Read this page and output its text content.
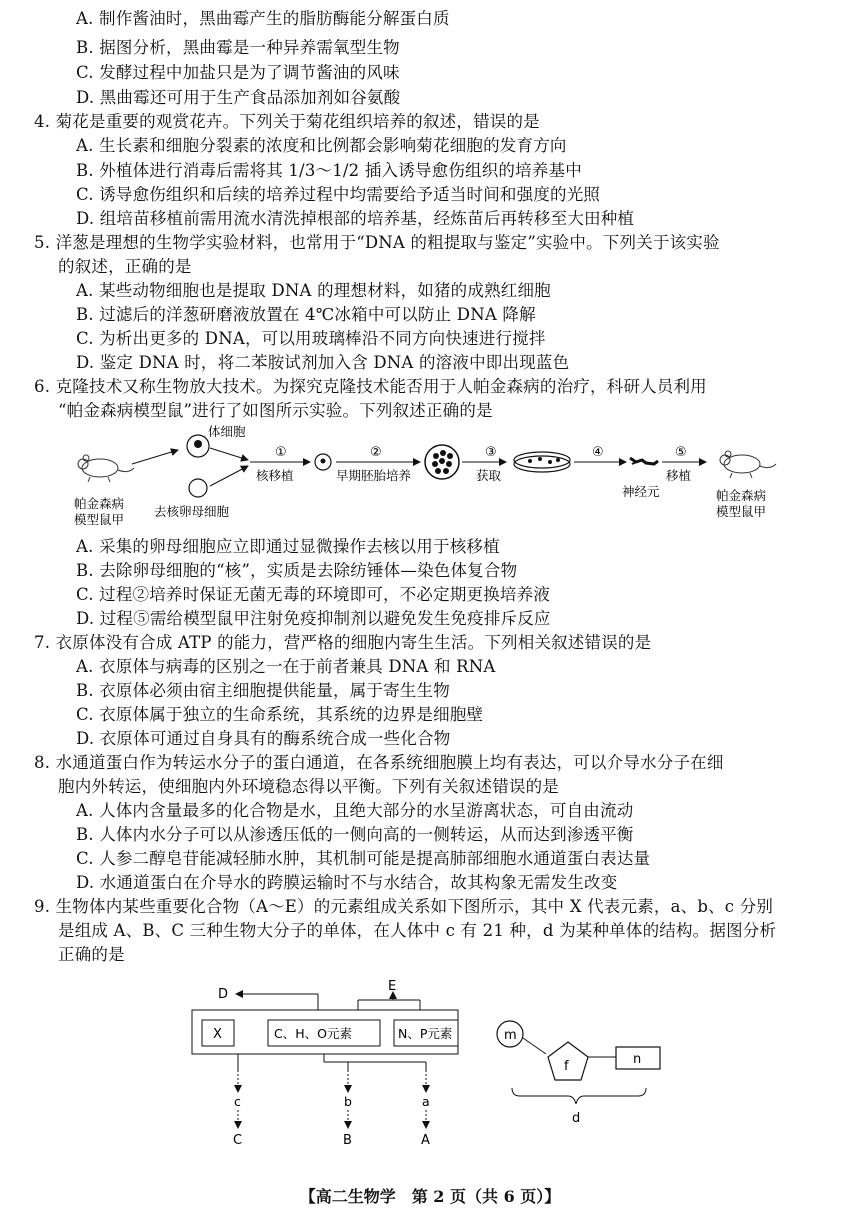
A. 制作酱油时，黑曲霉产生的脂肪酶能分解蛋白质
B. 据图分析，黑曲霉是一种异养需氧型生物
C. 发酵过程中加盐只是为了调节酱油的风味
D. 黑曲霉还可用于生产食品添加剂如谷氨酸
4. 菊花是重要的观赏花卉。下列关于菊花组织培养的叙述，错误的是
A. 生长素和细胞分裂素的浓度和比例都会影响菊花细胞的发育方向
B. 外植体进行消毒后需将其 1/3～1/2 插入诱导愈伤组织的培养基中
C. 诱导愈伤组织和后续的培养过程中均需要给予适当时间和强度的光照
D. 组培苗移植前需用流水清洗掉根部的培养基，经炼苗后再转移至大田种植
5. 洋葱是理想的生物学实验材料，也常用于“DNA 的粗提取与鉴定”实验中。下列关于该实验
的叙述，正确的是
A. 某些动物细胞也是提取 DNA 的理想材料，如猪的成熟红细胞
B. 过滤后的洋葱研磨液放置在 4℃冰箱中可以防止 DNA 降解
C. 为析出更多的 DNA，可以用玻璃棒沿不同方向快速进行搅拌
D. 鉴定 DNA 时，将二苯胺试剂加入含 DNA 的溶液中即出现蓝色
6. 克隆技术又称生物放大技术。为探究克隆技术能否用于人帕金森病的治疗，科研人员利用
“帕金森病模型鼠”进行了如图所示实验。下列叙述正确的是
帕金森病
模型鼠甲
体细胞
去核卵母细胞
①
核移植
②
早期胚胎培养
③
获取
④
神经元
⑤
移植
帕金森病
模型鼠甲
A. 采集的卵母细胞应立即通过显微操作去核以用于核移植
B. 去除卵母细胞的“核”，实质是去除纺锤体—染色体复合物
C. 过程②培养时保证无菌无毒的环境即可，不必定期更换培养液
D. 过程⑤需给模型鼠甲注射免疫抑制剂以避免发生免疫排斥反应
7. 衣原体没有合成 ATP 的能力，营严格的细胞内寄生生活。下列相关叙述错误的是
A. 衣原体与病毒的区别之一在于前者兼具 DNA 和 RNA
B. 衣原体必须由宿主细胞提供能量，属于寄生生物
C. 衣原体属于独立的生命系统，其系统的边界是细胞壁
D. 衣原体可通过自身具有的酶系统合成一些化合物
8. 水通道蛋白作为转运水分子的蛋白通道，在各系统细胞膜上均有表达，可以介导水分子在细
胞内外转运，使细胞内外环境稳态得以平衡。下列有关叙述错误的是
A. 人体内含量最多的化合物是水，且绝大部分的水呈游离状态，可自由流动
B. 人体内水分子可以从渗透压低的一侧向高的一侧转运，从而达到渗透平衡
C. 人参二醇皂苷能减轻肺水肿，其机制可能是提高肺部细胞水通道蛋白表达量
D. 水通道蛋白在介导水的跨膜运输时不与水结合，故其构象无需发生改变
9. 生物体内某些重要化合物（A～E）的元素组成关系如下图所示，其中 X 代表元素，a、b、c 分别
是组成 A、B、C 三种生物大分子的单体，在人体中 c 有 21 种，d 为某种单体的结构。据图分析
正确的是
D
E
X	C、H、O元素	N、P元素
c	b	a
C	B	A
m
f	n
d
【高二生物学　第 2 页（共 6 页）】
